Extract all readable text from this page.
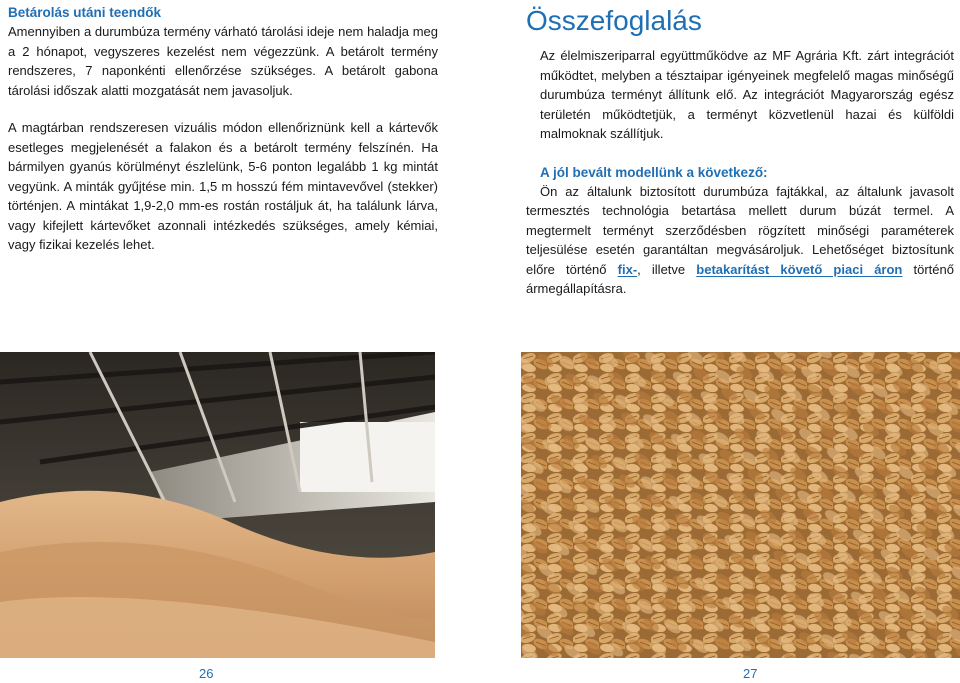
Betárolás utáni teendők

Amennyiben a durumbúza termény várható tárolási ideje nem haladja meg a 2 hónapot, vegyszeres kezelést nem végezzünk. A betárolt termény rendszeres, 7 naponkénti ellenőrzése szükséges. A betárolt gabona tárolási időszak alatti mozgatását nem javasoljuk.

A magtárban rendszeresen vizuális módon ellenőriznünk kell a kártevők esetleges megjelenését a falakon és a betárolt termény felszínén. Ha bármilyen gyanús körülményt észlelünk, 5-6 ponton legalább 1 kg mintát vegyünk. A minták gyűjtése min. 1,5 m hosszú fém mintavevővel (stekker) történjen. A mintákat 1,9-2,0 mm-es rostán rostáljuk át, ha találunk lárva, vagy kifejlett kártevőket azonnali intézkedés szükséges, amely kémiai, vagy fizikai kezelés lehet.

Összefoglalás

Az élelmiszeriparral együttműködve az MF Agrária Kft. zárt integrációt működtet, melyben a tésztaipar igényeinek megfelelő magas minőségű durumbúza terményt állítunk elő. Az integrációt Magyarország egész területén működtetjük, a terményt közvetlenül hazai és külföldi malmoknak szállítjuk.

A jól bevált modellünk a következő:

Ön az általunk biztosított durumbúza fajtákkal, az általunk javasolt termesztés technológia betartása mellett durum búzát termel. A megtermelt terményt szerződésben rögzített minőségi paraméterek teljesülése esetén garantáltan megvásároljuk. Lehetőséget biztosítunk előre történő fix-, illetve betakarítást követő piaci áron történő ármegállapításra.

26	27
